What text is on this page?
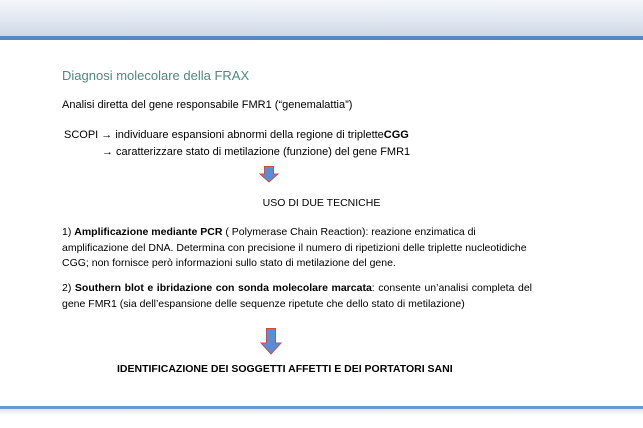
Diagnosi molecolare della FRAX
Analisi diretta del gene responsabile FMR1 (“genemalattia”)
SCOPI → individuare espansioni abnormi della regione di tripletteCGG
→ caratterizzare stato di metilazione (funzione) del gene FMR1
USO DI DUE TECNICHE
1) Amplificazione mediante PCR ( Polymerase Chain Reaction): reazione enzimatica di amplificazione del DNA. Determina con precisione il numero di ripetizioni delle triplette nucleotidiche CGG; non fornisce però informazioni sullo stato di metilazione del gene.
2) Southern blot e ibridazione con sonda molecolare marcata: consente un’analisi completa del gene FMR1 (sia dell’espansione delle sequenze ripetute che dello stato di metilazione)
IDENTIFICAZIONE DEI SOGGETTI AFFETTI E DEI PORTATORI SANI
